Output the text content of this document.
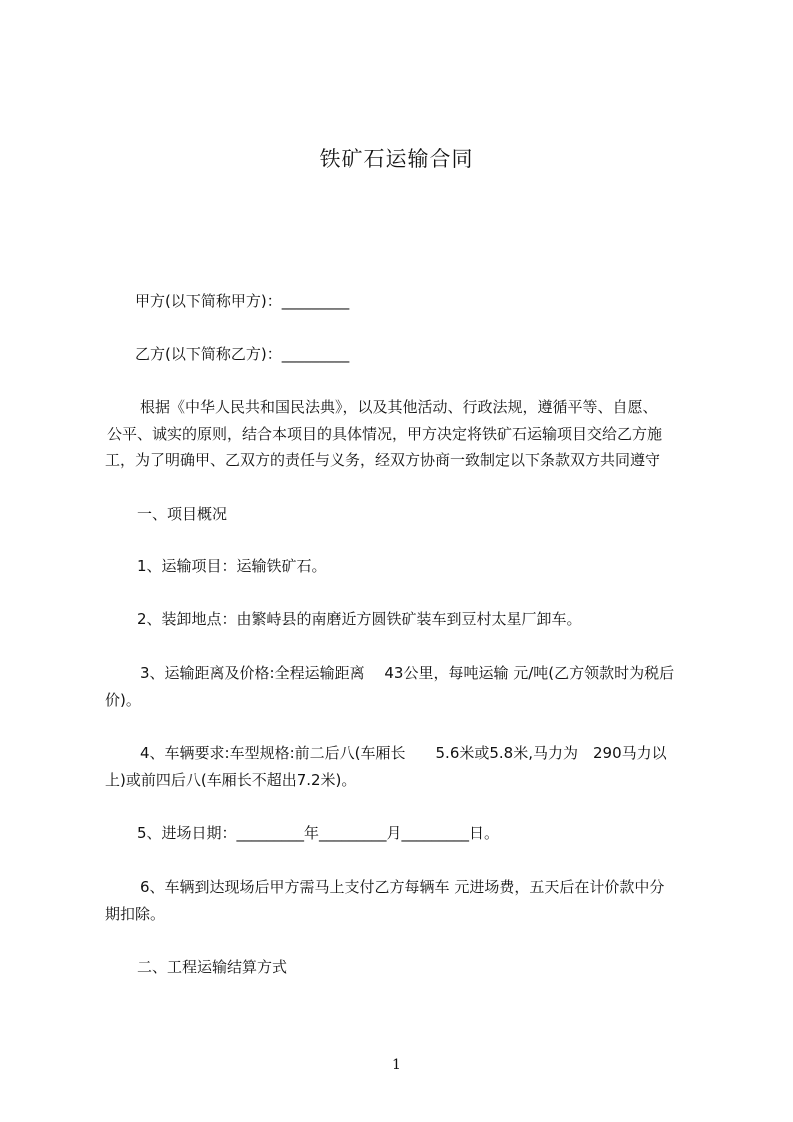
铁矿石运输合同
甲方(以下简称甲方)：_________
乙方(以下简称乙方)：_________
根据《中华人民共和国民法典》，以及其他活动、行政法规，遵循平等、自愿、
公平、诚实的原则，结合本项目的具体情况，甲方决定将铁矿石运输项目交给乙方施
工，为了明确甲、乙双方的责任与义务，经双方协商一致制定以下条款双方共同遵守
一、项目概况
1、运输项目：运输铁矿石。
2、装卸地点：由繁峙县的南磨近方圆铁矿装车到豆村太星厂卸车。
3、运输距离及价格:全程运输距离　 43公里，每吨运输 元/吨(乙方领款时为税后
价)。
4、车辆要求:车型规格:前二后八(车厢长　　5.6米或5.8米,马力为　290马力以
上)或前四后八(车厢长不超出7.2米)。
5、进场日期：_________年_________月_________日。
6、车辆到达现场后甲方需马上支付乙方每辆车 元进场费，五天后在计价款中分
期扣除。
二、工程运输结算方式
1
